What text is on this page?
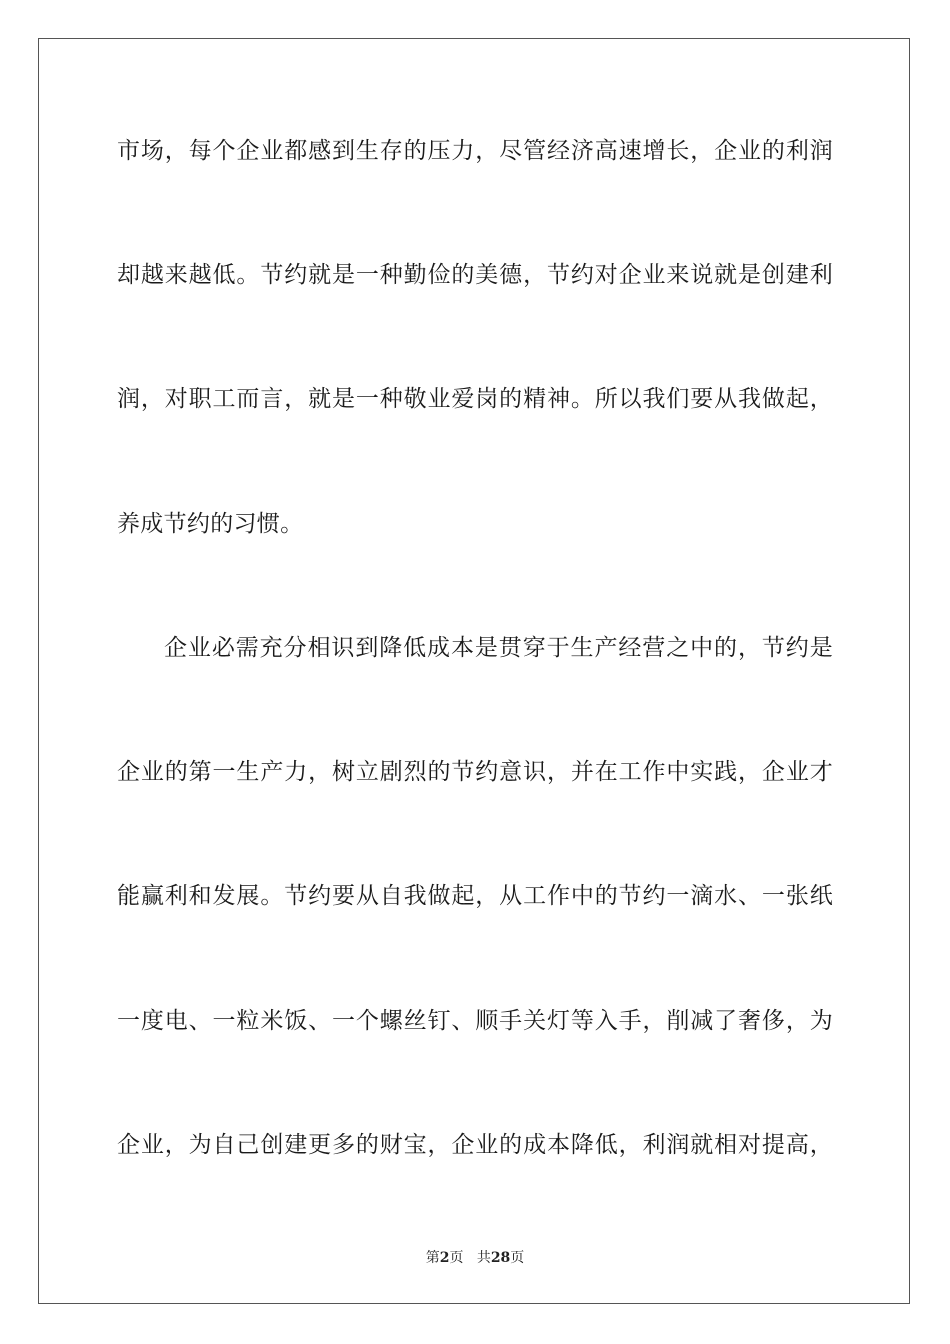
市场，每个企业都感到生存的压力，尽管经济高速增长，企业的利润
却越来越低。节约就是一种勤俭的美德，节约对企业来说就是创建利
润，对职工而言，就是一种敬业爱岗的精神。所以我们要从我做起，
养成节约的习惯。
企业必需充分相识到降低成本是贯穿于生产经营之中的，节约是
企业的第一生产力，树立剧烈的节约意识，并在工作中实践，企业才
能赢利和发展。节约要从自我做起，从工作中的节约一滴水、一张纸
一度电、一粒米饭、一个螺丝钉、顺手关灯等入手，削减了奢侈，为
企业，为自己创建更多的财宝，企业的成本降低，利润就相对提高，
第2页 共28页
